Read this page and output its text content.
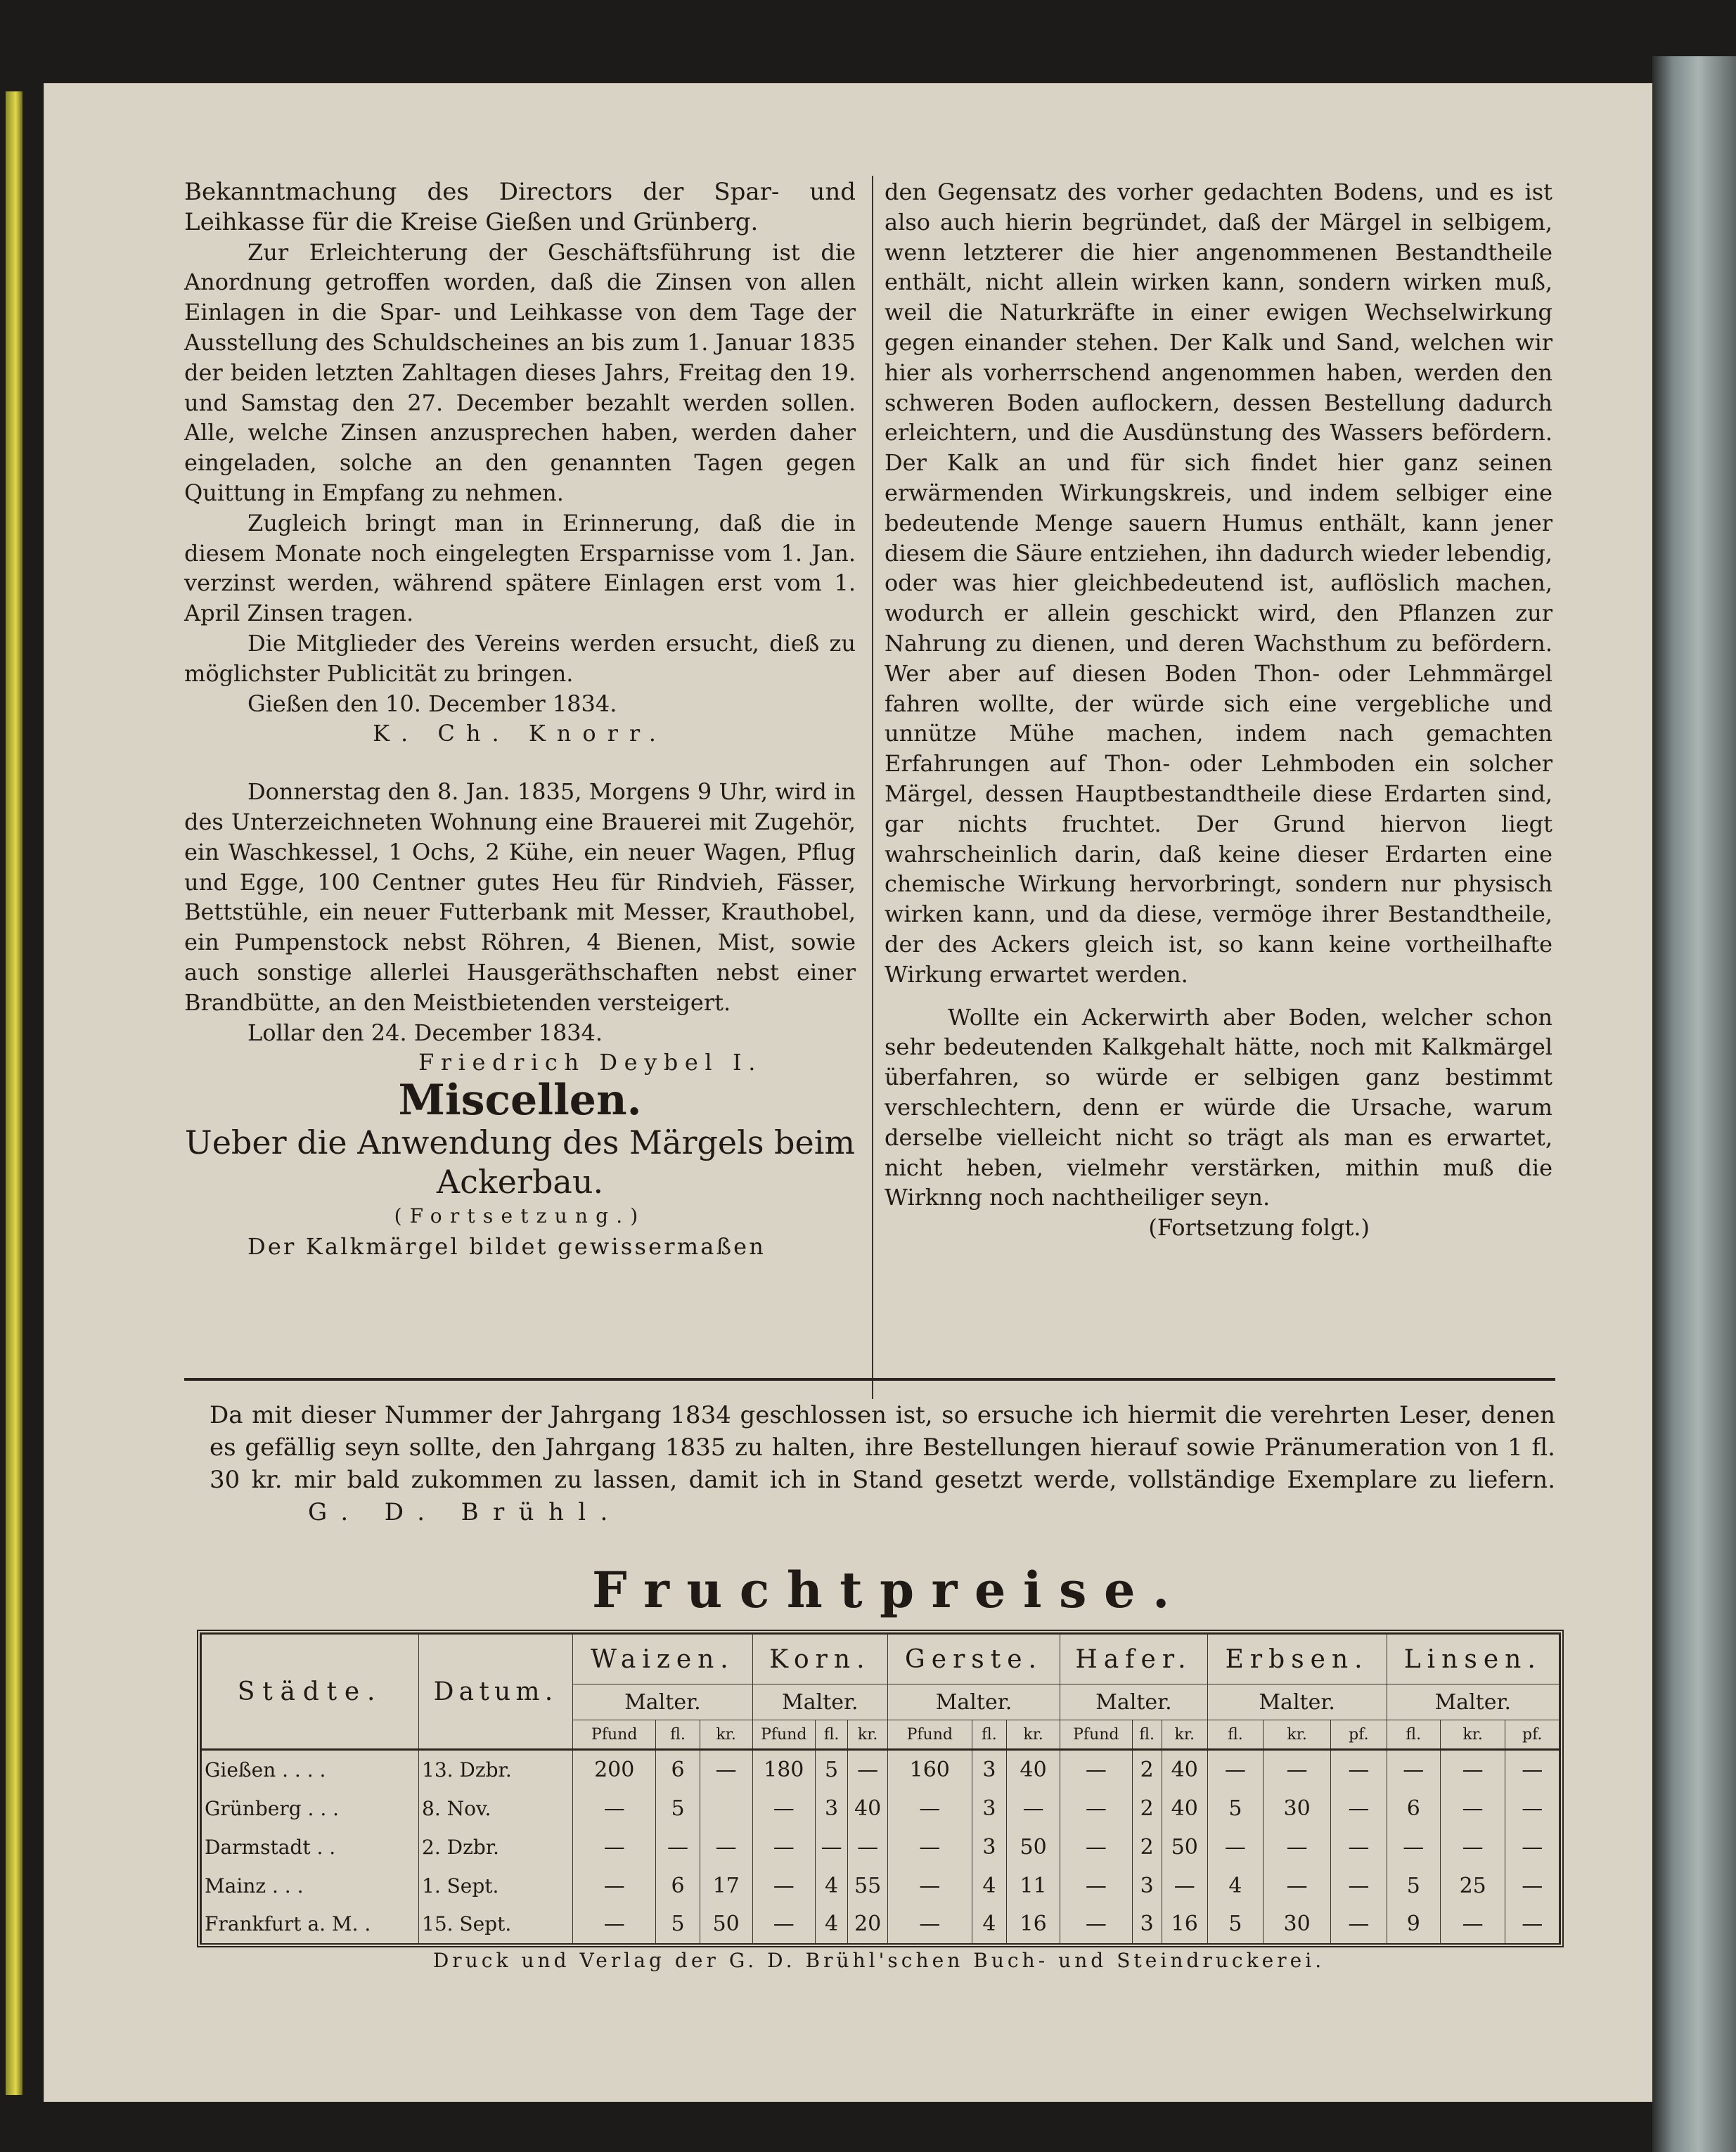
Bekanntmachung des Directors der Spar- und Leihkasse für die Kreise Gießen und Grünberg.

Zur Erleichterung der Geschäftsführung ist die Anordnung getroffen worden, daß die Zinsen von allen Einlagen in die Spar- und Leihkasse von dem Tage der Ausstellung des Schuldscheines an bis zum 1. Januar 1835 der beiden letzten Zahltagen dieses Jahrs, Freitag den 19. und Samstag den 27. December bezahlt werden sollen. Alle, welche Zinsen anzusprechen haben, werden daher eingeladen, solche an den genannten Tagen gegen Quittung in Empfang zu nehmen.

Zugleich bringt man in Erinnerung, daß die in diesem Monate noch eingelegten Ersparnisse vom 1. Jan. verzinst werden, während spätere Einlagen erst vom 1. April Zinsen tragen.

Die Mitglieder des Vereins werden ersucht, dieß zu möglichster Publicität zu bringen.

Gießen den 10. December 1834.

K. Ch. Knorr.

Donnerstag den 8. Jan. 1835, Morgens 9 Uhr, wird in des Unterzeichneten Wohnung eine Brauerei mit Zugehör, ein Waschkessel, 1 Ochs, 2 Kühe, ein neuer Wagen, Pflug und Egge, 100 Centner gutes Heu für Rindvieh, Fässer, Bettstühle, ein neuer Futterbank mit Messer, Krauthobel, ein Pumpenstock nebst Röhren, 4 Bienen, Mist, sowie auch sonstige allerlei Hausgeräthschaften nebst einer Brandbütte, an den Meistbietenden versteigert.

Lollar den 24. December 1834.

Friedrich Deybel I.

Miscellen.

Ueber die Anwendung des Märgels beim Ackerbau.

(Fortsetzung.)

Der Kalkmärgel bildet gewissermaßen

den Gegensatz des vorher gedachten Bodens, und es ist also auch hierin begründet, daß der Märgel in selbigem, wenn letzterer die hier angenommenen Bestandtheile enthält, nicht allein wirken kann, sondern wirken muß, weil die Naturkräfte in einer ewigen Wechselwirkung gegen einander stehen. Der Kalk und Sand, welchen wir hier als vorherrschend angenommen haben, werden den schweren Boden auflockern, dessen Bestellung dadurch erleichtern, und die Ausdünstung des Wassers befördern. Der Kalk an und für sich findet hier ganz seinen erwärmenden Wirkungskreis, und indem selbiger eine bedeutende Menge sauern Humus enthält, kann jener diesem die Säure entziehen, ihn dadurch wieder lebendig, oder was hier gleichbedeutend ist, auflöslich machen, wodurch er allein geschickt wird, den Pflanzen zur Nahrung zu dienen, und deren Wachsthum zu befördern. Wer aber auf diesen Boden Thon- oder Lehmmärgel fahren wollte, der würde sich eine vergebliche und unnütze Mühe machen, indem nach gemachten Erfahrungen auf Thon- oder Lehmboden ein solcher Märgel, dessen Hauptbestandtheile diese Erdarten sind, gar nichts fruchtet. Der Grund hiervon liegt wahrscheinlich darin, daß keine dieser Erdarten eine chemische Wirkung hervorbringt, sondern nur physisch wirken kann, und da diese, vermöge ihrer Bestandtheile, der des Ackers gleich ist, so kann keine vortheilhafte Wirkung erwartet werden.

Wollte ein Ackerwirth aber Boden, welcher schon sehr bedeutenden Kalkgehalt hätte, noch mit Kalkmärgel überfahren, so würde er selbigen ganz bestimmt verschlechtern, denn er würde die Ursache, warum derselbe vielleicht nicht so trägt als man es erwartet, nicht heben, vielmehr verstärken, mithin muß die Wirknng noch nachtheiliger seyn.

(Fortsetzung folgt.)

Da mit dieser Nummer der Jahrgang 1834 geschlossen ist, so ersuche ich hiermit die verehrten Leser, denen es gefällig seyn sollte, den Jahrgang 1835 zu halten, ihre Bestellungen hierauf sowie Pränumeration von 1 fl. 30 kr. mir bald zukommen zu lassen, damit ich in Stand gesetzt werde, vollständige Exemplare zu liefern. G. D. Brühl.
Fruchtpreise.
Städte.	Datum.	Waizen.			Korn.			Gerste.			Hafer.			Erbsen.			Linsen.		
		Malter.			Malter.			Malter.			Malter.			Malter.			Malter.		
		Pfund	fl.	kr.	Pfund	fl.	kr.	Pfund	fl.	kr.	Pfund	fl.	kr.	fl.	kr.	pf.	fl.	kr.	pf.
Gießen . . . .	13. Dzbr.	200	6	—	180	5	—	160	3	40	—	2	40	—	—	—	—	—	—
Grünberg . . .	8. Nov.	—	5		—	3	40	—	3	—	—	2	40	5	30	—	6	—	—
Darmstadt . .	2. Dzbr.	—	—	—	—	—	—	—	3	50	—	2	50	—	—	—	—	—	—
Mainz . . .	1. Sept.	—	6	17	—	4	55	—	4	11	—	3	—	4	—	—	5	25	—
Frankfurt a. M. .	15. Sept.	—	5	50	—	4	20	—	4	16	—	3	16	5	30	—	9	—	—
Druck und Verlag der G. D. Brühl'schen Buch- und Steindruckerei.
